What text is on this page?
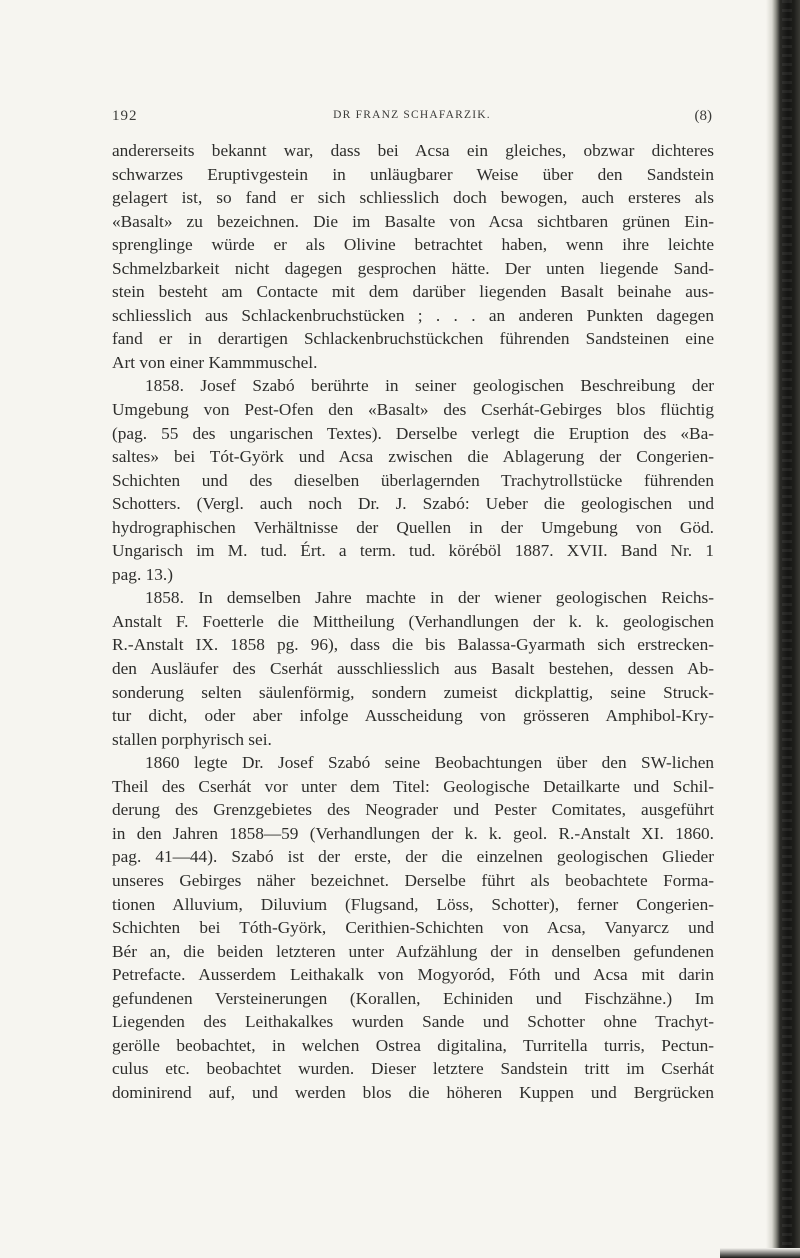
192	DR FRANZ SCHAFARZIK.	(8)

andererseits bekannt war, dass bei Acsa ein gleiches, obzwar dichteres
schwarzes Eruptivgestein in unläugbarer Weise über den Sandstein
gelagert ist, so fand er sich schliesslich doch bewogen, auch ersteres als
«Basalt» zu bezeichnen. Die im Basalte von Acsa sichtbaren grünen Ein-
sprenglinge würde er als Olivine betrachtet haben, wenn ihre leichte
Schmelzbarkeit nicht dagegen gesprochen hätte. Der unten liegende Sand-
stein besteht am Contacte mit dem darüber liegenden Basalt beinahe aus-
schliesslich aus Schlackenbruchstücken ; . . . an anderen Punkten dagegen
fand er in derartigen Schlackenbruchstückchen führenden Sandsteinen eine
Art von einer Kammmuschel.

1858. Josef Szabó berührte in seiner geologischen Beschreibung der
Umgebung von Pest-Ofen den «Basalt» des Cserhát-Gebirges blos flüchtig
(pag. 55 des ungarischen Textes). Derselbe verlegt die Eruption des «Ba-
saltes» bei Tót-Györk und Acsa zwischen die Ablagerung der Congerien-
Schichten und des dieselben überlagernden Trachytrollstücke führenden
Schotters. (Vergl. auch noch Dr. J. Szabó: Ueber die geologischen und
hydrographischen Verhältnisse der Quellen in der Umgebung von Göd.
Ungarisch im M. tud. Ért. a term. tud. köréböl 1887. XVII. Band Nr. 1
pag. 13.)

1858. In demselben Jahre machte in der wiener geologischen Reichs-
Anstalt F. Foetterle die Mittheilung (Verhandlungen der k. k. geologischen
R.-Anstalt IX. 1858 pg. 96), dass die bis Balassa-Gyarmath sich erstrecken-
den Ausläufer des Cserhát ausschliesslich aus Basalt bestehen, dessen Ab-
sonderung selten säulenförmig, sondern zumeist dickplattig, seine Struck-
tur dicht, oder aber infolge Ausscheidung von grösseren Amphibol-Kry-
stallen porphyrisch sei.

1860 legte Dr. Josef Szabó seine Beobachtungen über den SW-lichen
Theil des Cserhát vor unter dem Titel: Geologische Detailkarte und Schil-
derung des Grenzgebietes des Neograder und Pester Comitates, ausgeführt
in den Jahren 1858—59 (Verhandlungen der k. k. geol. R.-Anstalt XI. 1860.
pag. 41—44). Szabó ist der erste, der die einzelnen geologischen Glieder
unseres Gebirges näher bezeichnet. Derselbe führt als beobachtete Forma-
tionen Alluvium, Diluvium (Flugsand, Löss, Schotter), ferner Congerien-
Schichten bei Tóth-Györk, Cerithien-Schichten von Acsa, Vanyarcz und
Bér an, die beiden letzteren unter Aufzählung der in denselben gefundenen
Petrefacte. Ausserdem Leithakalk von Mogyoród, Fóth und Acsa mit darin
gefundenen Versteinerungen (Korallen, Echiniden und Fischzähne.) Im
Liegenden des Leithakalkes wurden Sande und Schotter ohne Trachyt-
gerölle beobachtet, in welchen Ostrea digitalina, Turritella turris, Pectun-
culus etc. beobachtet wurden. Dieser letztere Sandstein tritt im Cserhát
dominirend auf, und werden blos die höheren Kuppen und Bergrücken
